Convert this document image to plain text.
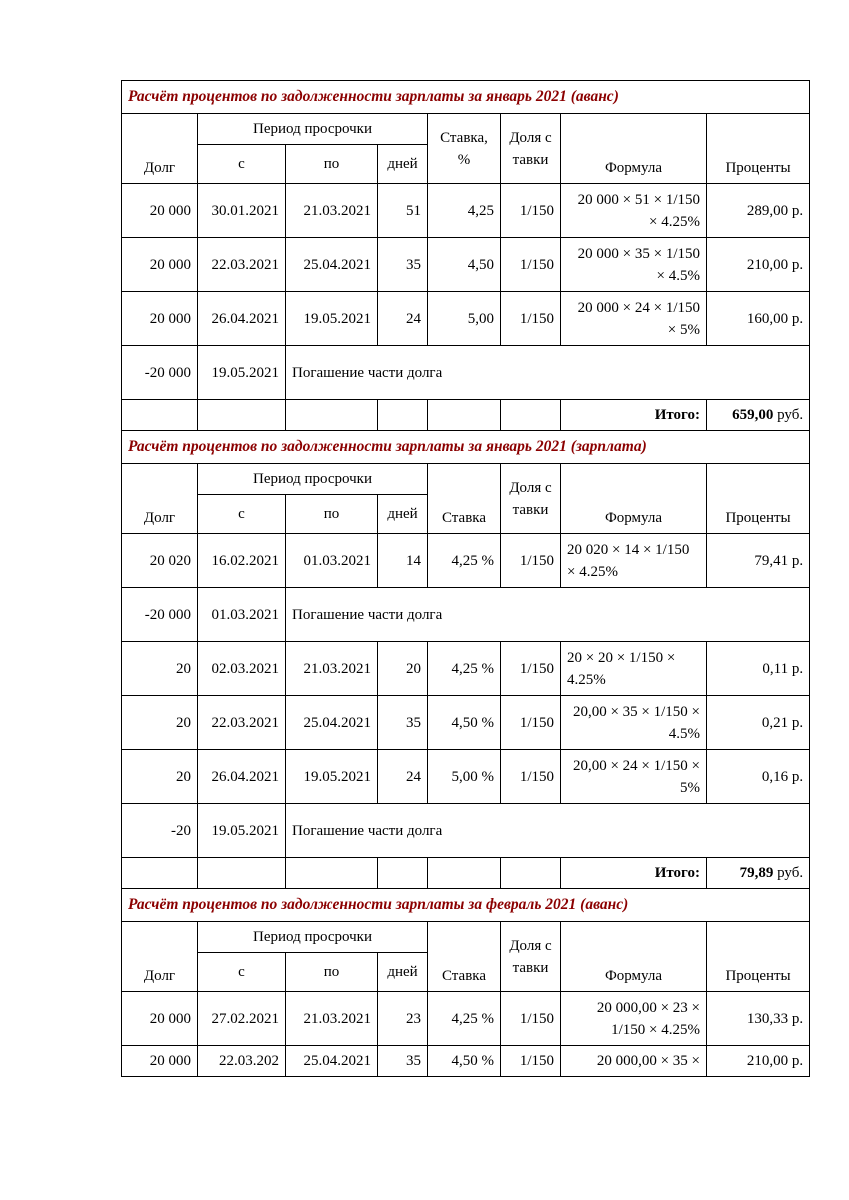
Расчёт процентов по задолженности зарплаты за январь 2021 (аванс)							
Долг	Период просрочки			Ставка, %	Доля ставки	Формула	Проценты
	с	по	дней				
20 000	30.01.2021	21.03.2021	51	4,25	1/150	20 000 × 51 × 1/150 × 4.25%	289,00 р.
20 000	22.03.2021	25.04.2021	35	4,50	1/150	20 000 × 35 × 1/150 × 4.5%	210,00 р.
20 000	26.04.2021	19.05.2021	24	5,00	1/150	20 000 × 24 × 1/150 × 5%	160,00 р.
-20 000	19.05.2021	Погашение части долга					
						Итого:	659,00 руб.
Расчёт процентов по задолженности зарплаты за январь 2021 (зарплата)							
Долг	Период просрочки			Ставка	Доля ставки	Формула	Проценты
	с	по	дней				
20 020	16.02.2021	01.03.2021	14	4,25 %	1/150	20 020 × 14 × 1/150 × 4.25%	79,41 р.
-20 000	01.03.2021	Погашение части долга					
20	02.03.2021	21.03.2021	20	4,25 %	1/150	20 × 20 × 1/150 × 4.25%	0,11 р.
20	22.03.2021	25.04.2021	35	4,50 %	1/150	20,00 × 35 × 1/150 × 4.5%	0,21 р.
20	26.04.2021	19.05.2021	24	5,00 %	1/150	20,00 × 24 × 1/150 × 5%	0,16 р.
-20	19.05.2021	Погашение части долга					
						Итого:	79,89 руб.
Расчёт процентов по задолженности зарплаты за февраль 2021 (аванс)							
Долг	Период просрочки			Ставка	Доля ставки	Формула	Проценты
	с	по	дней				
20 000	27.02.2021	21.03.2021	23	4,25 %	1/150	20 000,00 × 23 × 1/150 × 4.25%	130,33 р.
20 000	22.03.202	25.04.2021	35	4,50 %	1/150	20 000,00 × 35 ×	210,00 р.
